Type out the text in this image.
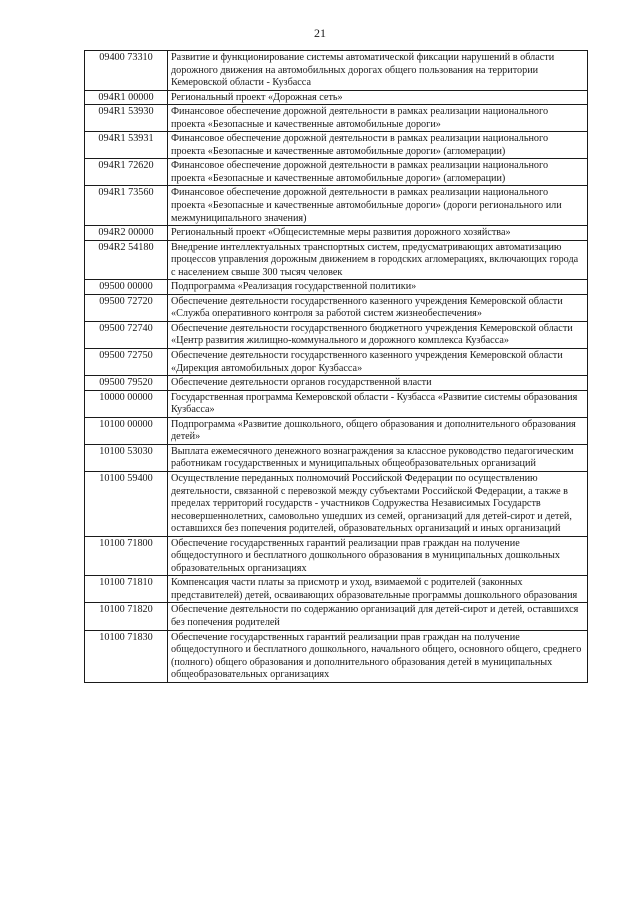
21
09400 73310	Развитие и функционирование системы автоматической фиксации нарушений в области дорожного движения на автомобильных дорогах общего пользования на территории Кемеровской области - Кузбасса
094R1 00000	Региональный проект «Дорожная сеть»
094R1 53930	Финансовое обеспечение дорожной деятельности в рамках реализации национального проекта «Безопасные и качественные автомобильные дороги»
094R1 53931	Финансовое обеспечение дорожной деятельности в рамках реализации национального проекта «Безопасные и качественные автомобильные дороги» (агломерации)
094R1 72620	Финансовое обеспечение дорожной деятельности в рамках реализации национального проекта «Безопасные и качественные автомобильные дороги» (агломерации)
094R1 73560	Финансовое обеспечение дорожной деятельности в рамках реализации национального проекта «Безопасные и качественные автомобильные дороги» (дороги регионального или межмуниципального значения)
094R2 00000	Региональный проект «Общесистемные меры развития дорожного хозяйства»
094R2 54180	Внедрение интеллектуальных транспортных систем, предусматривающих автоматизацию процессов управления дорожным движением в городских агломерациях, включающих города с населением свыше 300 тысяч человек
09500 00000	Подпрограмма «Реализация государственной политики»
09500 72720	Обеспечение деятельности государственного казенного учреждения Кемеровской области «Служба оперативного контроля за работой систем жизнеобеспечения»
09500 72740	Обеспечение деятельности государственного бюджетного учреждения Кемеровской области «Центр развития жилищно-коммунального и дорожного комплекса Кузбасса»
09500 72750	Обеспечение деятельности государственного казенного учреждения Кемеровской области «Дирекция автомобильных дорог Кузбасса»
09500 79520	Обеспечение деятельности органов государственной власти
10000 00000	Государственная программа Кемеровской области - Кузбасса «Развитие системы образования Кузбасса»
10100 00000	Подпрограмма «Развитие дошкольного, общего образования и дополнительного образования детей»
10100 53030	Выплата ежемесячного денежного вознаграждения за классное руководство педагогическим работникам государственных и муниципальных общеобразовательных организаций
10100 59400	Осуществление переданных полномочий Российской Федерации по осуществлению деятельности, связанной с перевозкой между субъектами Российской Федерации, а также в пределах территорий государств - участников Содружества Независимых Государств несовершеннолетних, самовольно ушедших из семей, организаций для детей-сирот и детей, оставшихся без попечения родителей, образовательных организаций и иных организаций
10100 71800	Обеспечение государственных гарантий реализации прав граждан на получение общедоступного и бесплатного дошкольного образования в муниципальных дошкольных образовательных организациях
10100 71810	Компенсация части платы за присмотр и уход, взимаемой с родителей (законных представителей) детей, осваивающих образовательные программы дошкольного образования
10100 71820	Обеспечение деятельности по содержанию организаций для детей-сирот и детей, оставшихся без попечения родителей
10100 71830	Обеспечение государственных гарантий реализации прав граждан на получение общедоступного и бесплатного дошкольного, начального общего, основного общего, среднего (полного) общего образования и дополнительного образования детей в муниципальных общеобразовательных организациях
